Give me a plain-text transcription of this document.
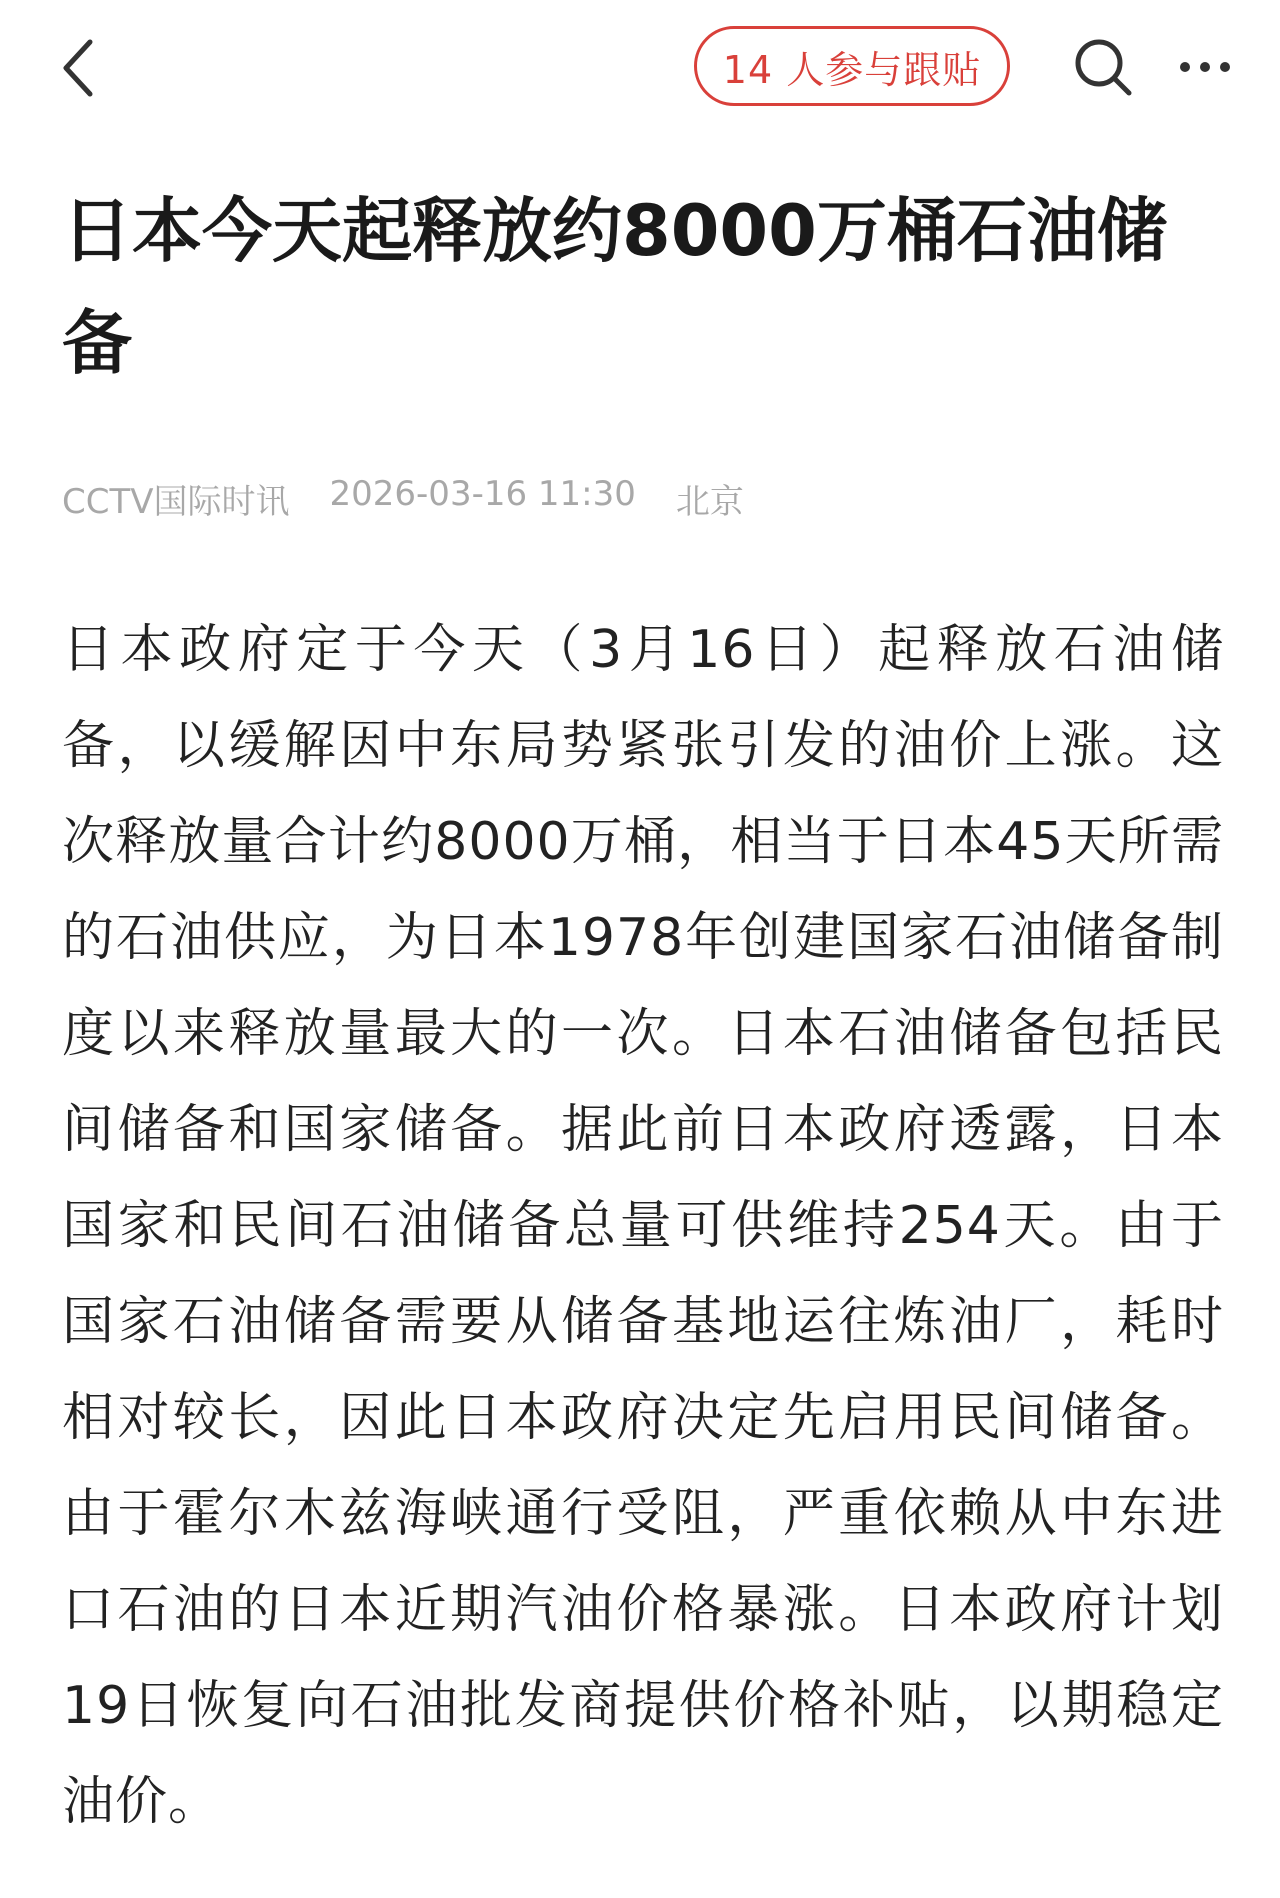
14 人参与跟贴
日本今天起释放约8000万桶石油储备
CCTV国际时讯 2026-03-16 11:30 北京

日本政府定于今天（3月16日）起释放石油储备，以缓解因中东局势紧张引发的油价上涨。这次释放量合计约8000万桶，相当于日本45天所需的石油供应，为日本1978年创建国家石油储备制度以来释放量最大的一次。日本石油储备包括民间储备和国家储备。据此前日本政府透露，日本国家和民间石油储备总量可供维持254天。由于国家石油储备需要从储备基地运往炼油厂，耗时相对较长，因此日本政府决定先启用民间储备。由于霍尔木兹海峡通行受阻，严重依赖从中东进口石油的日本近期汽油价格暴涨。日本政府计划19日恢复向石油批发商提供价格补贴，以期稳定油价。
